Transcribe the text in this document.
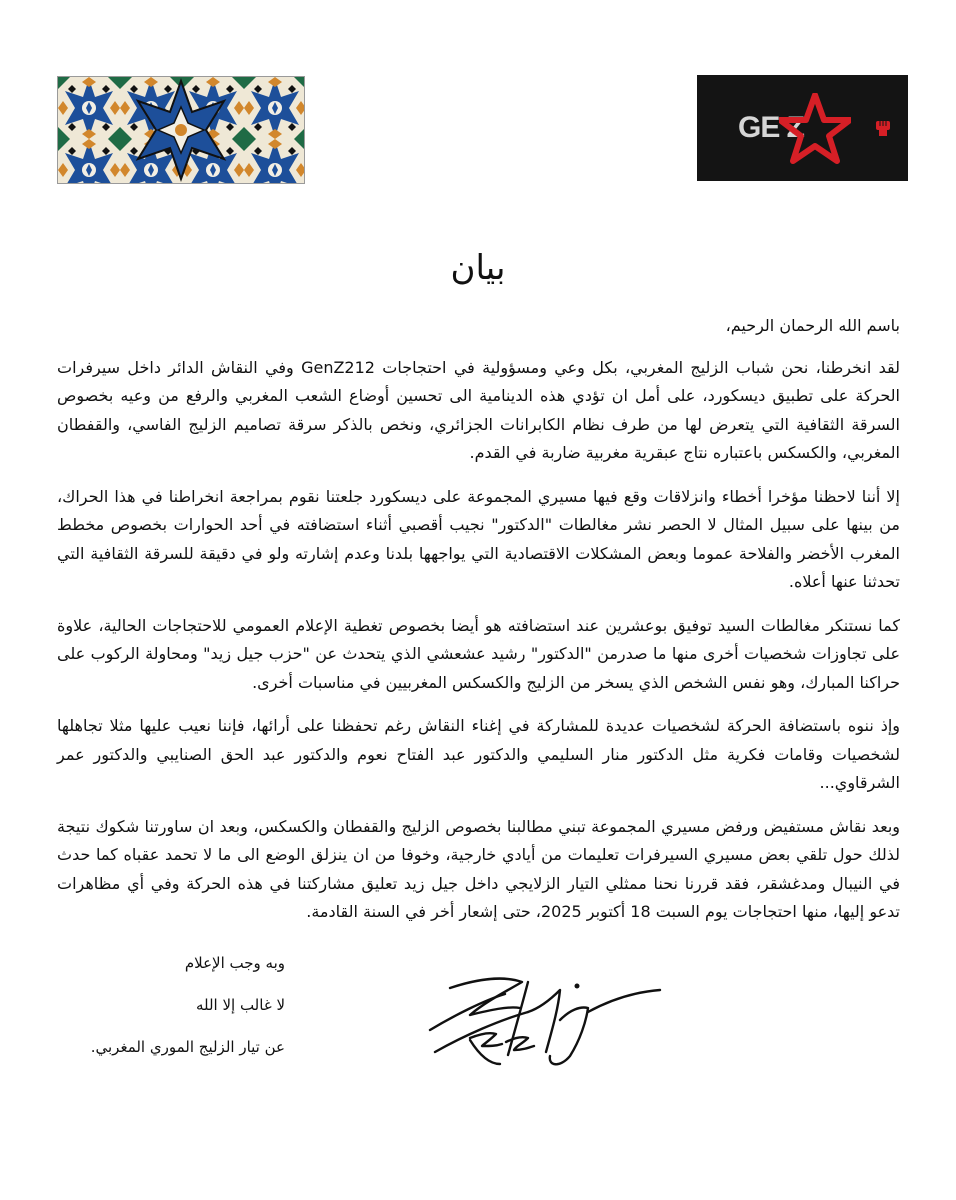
GE Z
بيان

باسم الله الرحمان الرحيم،

لقد انخرطنا، نحن شباب الزليج المغربي، بكل وعي ومسؤولية في احتجاجات GenZ212 وفي النقاش الدائر داخل سيرفرات الحركة على تطبيق ديسكورد، على أمل ان تؤدي هذه الدينامية الى تحسين أوضاع الشعب المغربي والرفع من وعيه بخصوص السرقة الثقافية التي يتعرض لها من طرف نظام الكابرانات الجزائري، ونخص بالذكر سرقة تصاميم الزليج الفاسي، والقفطان المغربي، والكسكس باعتباره نتاج عبقرية مغربية ضاربة في القدم.

إلا أننا لاحظنا مؤخرا أخطاء وانزلاقات وقع فيها مسيري المجموعة على ديسكورد جلعتنا نقوم بمراجعة انخراطنا في هذا الحراك، من بينها على سبيل المثال لا الحصر نشر مغالطات "الدكتور" نجيب أقصبي أثناء استضافته في أحد الحوارات بخصوص مخطط المغرب الأخضر والفلاحة عموما وبعض المشكلات الاقتصادية التي يواجهها بلدنا وعدم إشارته ولو في دقيقة للسرقة الثقافية التي تحدثنا عنها أعلاه.

كما نستنكر مغالطات السيد توفيق بوعشرين عند استضافته هو أيضا بخصوص تغطية الإعلام العمومي للاحتجاجات الحالية، علاوة على تجاوزات شخصيات أخرى منها ما صدرمن "الدكتور" رشيد عشعشي الذي يتحدث عن "حزب جيل زيد" ومحاولة الركوب على حراكنا المبارك، وهو نفس الشخص الذي يسخر من الزليج والكسكس المغربيين في مناسبات أخرى.

وإذ ننوه باستضافة الحركة لشخصيات عديدة للمشاركة في إغناء النقاش رغم تحفظنا على أرائها، فإننا نعيب عليها مثلا تجاهلها لشخصيات وقامات فكرية مثل الدكتور منار السليمي والدكتور عبد الفتاح نعوم والدكتور عبد الحق الصنايبي والدكتور عمر الشرقاوي...

وبعد نقاش مستفيض ورفض مسيري المجموعة تبني مطالبنا بخصوص الزليج والقفطان والكسكس، وبعد ان ساورتنا شكوك نتيجة لذلك حول تلقي بعض مسيري السيرفرات تعليمات من أيادي خارجية، وخوفا من ان ينزلق الوضع الى ما لا تحمد عقباه كما حدث في النيبال ومدغشقر، فقد قررنا نحنا ممثلي التيار الزلايجي داخل جيل زيد تعليق مشاركتنا في هذه الحركة وفي أي مظاهرات تدعو إليها، منها احتجاجات يوم السبت 18 أكتوبر 2025، حتى إشعار أخر في السنة القادمة.

وبه وجب الإعلام
لا غالب إلا الله
عن تيار الزليج الموري المغربي.
